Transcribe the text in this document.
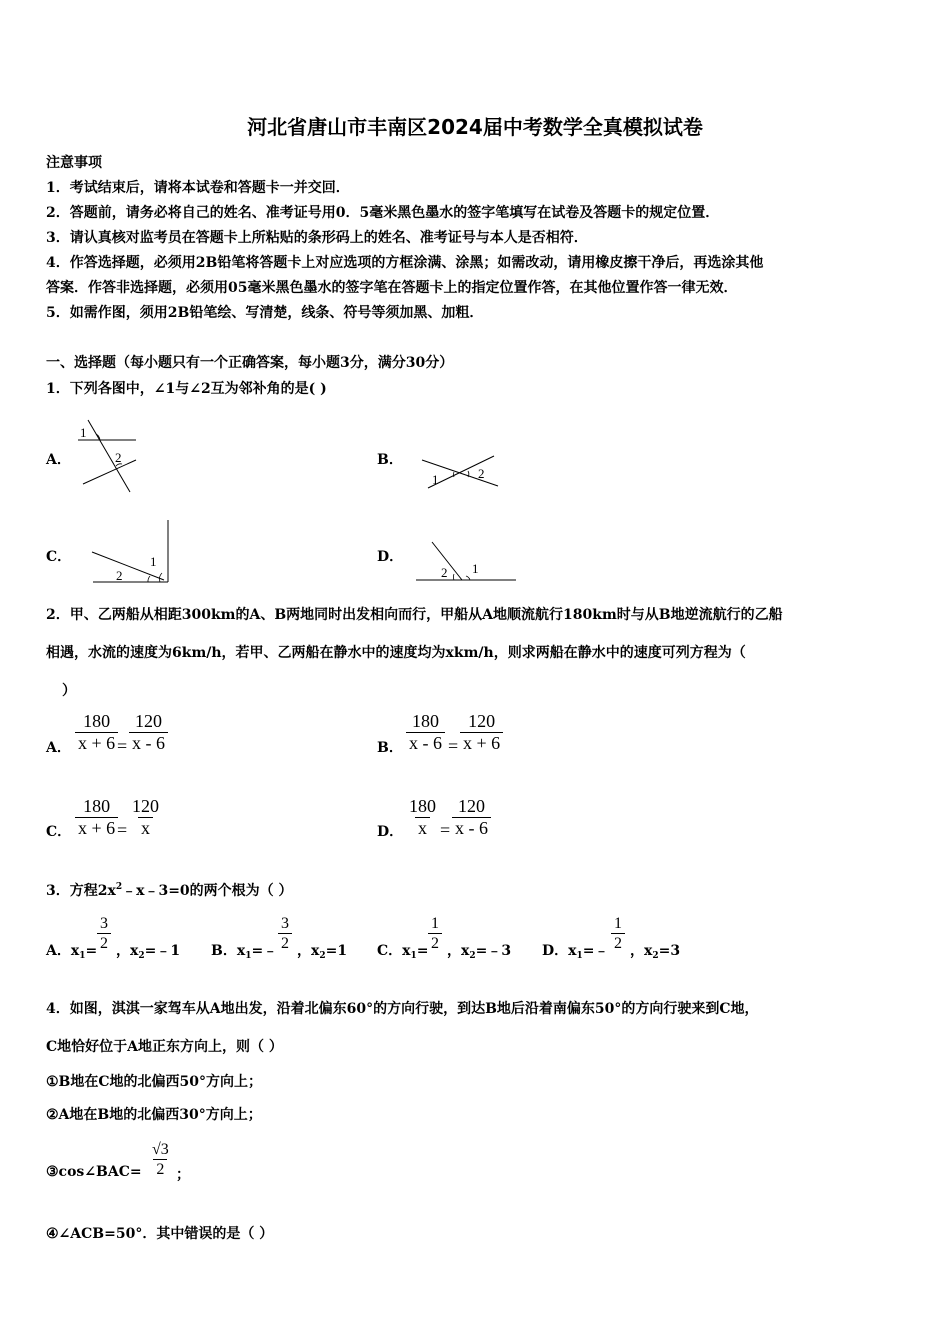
河北省唐山市丰南区2024届中考数学全真模拟试卷
注意事项
1．考试结束后，请将本试卷和答题卡一并交回．
2．答题前，请务必将自己的姓名、准考证号用0．5毫米黑色墨水的签字笔填写在试卷及答题卡的规定位置．
3．请认真核对监考员在答题卡上所粘贴的条形码上的姓名、准考证号与本人是否相符．
4．作答选择题，必须用2B铅笔将答题卡上对应选项的方框涂满、涂黑；如需改动，请用橡皮擦干净后，再选涂其他
答案．作答非选择题，必须用05毫米黑色墨水的签字笔在答题卡上的指定位置作答，在其他位置作答一律无效．
5．如需作图，须用2B铅笔绘、写清楚，线条、符号等须加黑、加粗．
一、选择题（每小题只有一个正确答案，每小题3分，满分30分）
1．下列各图中，∠1与∠2互为邻补角的是( )
A．
1
2	B．
1	2
C．	1
2
D．
2 1
2．甲、乙两船从相距300km的A、B两地同时出发相向而行，甲船从A地顺流航行180km时与从B地逆流航行的乙船
相遇，水流的速度为6km/h，若甲、乙两船在静水中的速度均为xkm/h，则求两船在静水中的速度可列方程为（
）
A． $\frac{180}{x + 6}$
= $\frac{120}{x - 6}$	B． $\frac{180}{x - 6} = \frac{120}{x + 6}$
C． $\frac{180}{x + 6}$
= $\frac{120}{x}$	D． $\frac{180}{x} = \frac{120}{x - 6}$
3．方程$2x^2﹣x﹣3=0$的两个根为（ ）
A．$x_1= \frac{3}{2}$ ，$x_2=﹣1$ B．$x_1=﹣ \frac{3}{2}$ ，$x_2=1$ C．$x_1= \frac{1}{2}$ ，$x_2=﹣3$ D．$x_1=﹣ \frac{1}{2}$ ，$x_2=3$
4．如图，淇淇一家驾车从A地出发，沿着北偏东60°的方向行驶，到达B地后沿着南偏东50°的方向行驶来到C地，
C地恰好位于A地正东方向上，则（ ）
①B地在C地的北偏西50°方向上；
②A地在B地的北偏西30°方向上；
③cos∠BAC= $\frac{√3}{2}$ ；
④∠ACB=50°．其中错误的是（ ）
